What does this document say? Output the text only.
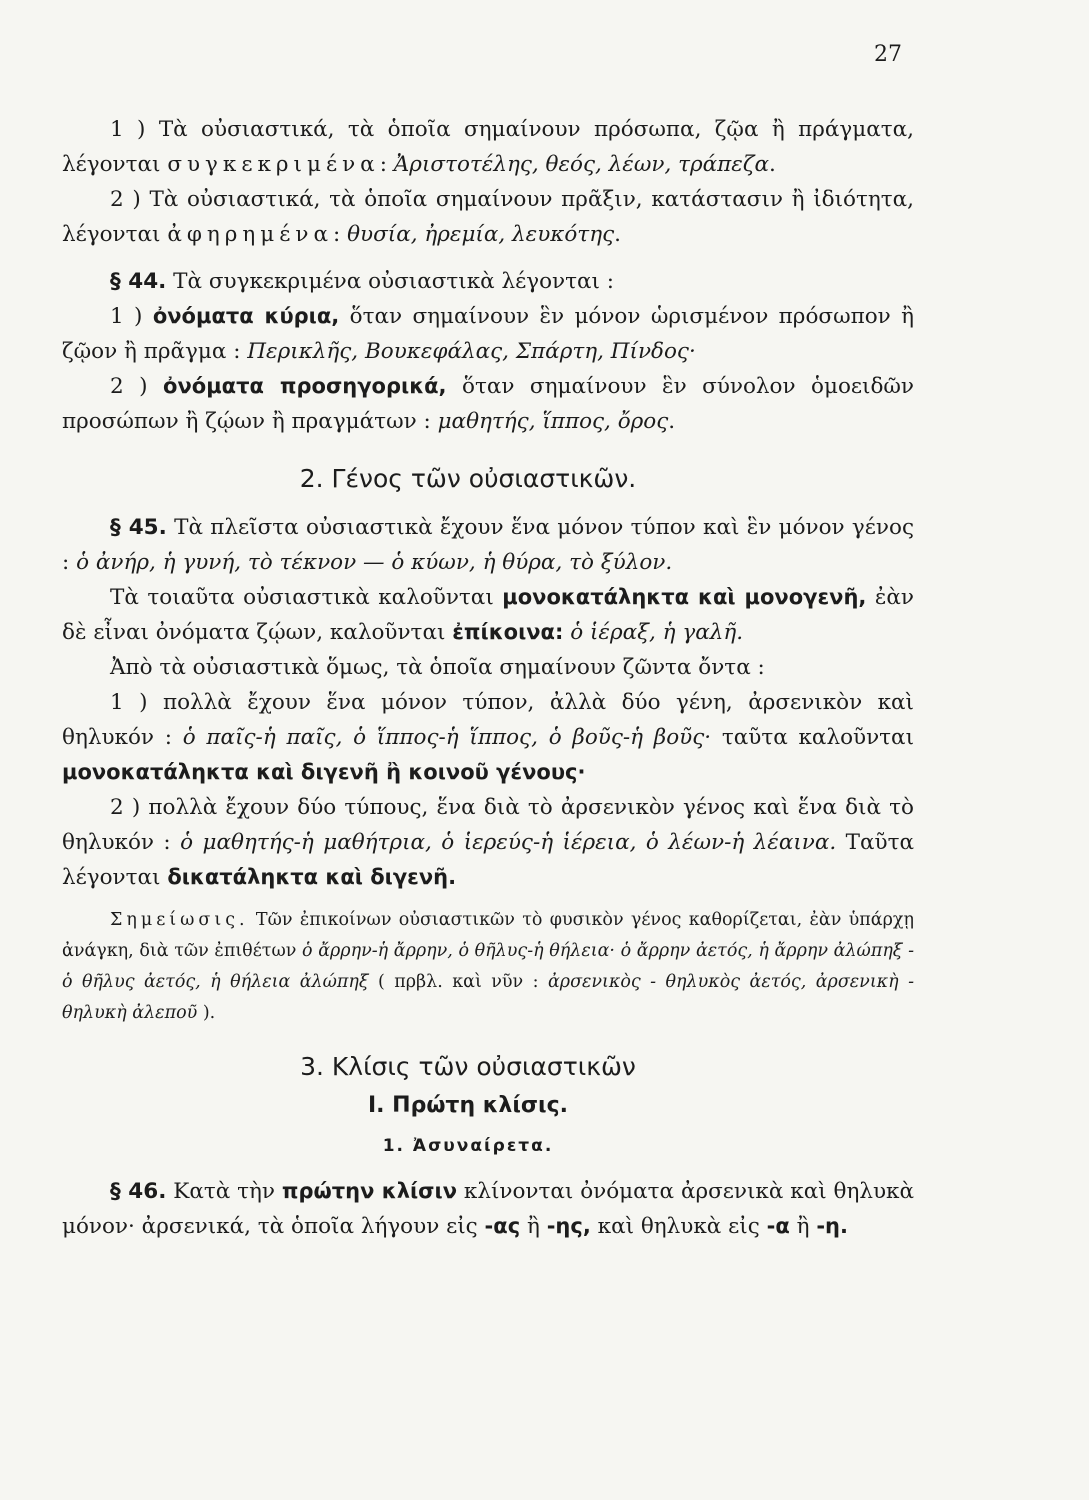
27

1 ) Τὰ οὐσιαστικά, τὰ ὁποῖα σημαίνουν πρόσωπα, ζῷα ἢ πράγματα, λέγονται συγκεκριμένα: Ἀριστοτέλης, θεός, λέων, τράπεζα.

2 ) Τὰ οὐσιαστικά, τὰ ὁποῖα σημαίνουν πρᾶξιν, κατάστασιν ἢ ἰδιότητα, λέγονται ἀφηρημένα: θυσία, ἠρεμία, λευκότης.

§ 44. Τὰ συγκεκριμένα οὐσιαστικὰ λέγονται :

1 ) ὀνόματα κύρια, ὅταν σημαίνουν ἓν μόνον ὡρισμένον πρόσωπον ἢ ζῷον ἢ πρᾶγμα : Περικλῆς, Βουκεφάλας, Σπάρτη, Πίνδος·

2 ) ὀνόματα προσηγορικά, ὅταν σημαίνουν ἓν σύνολον ὁμοειδῶν προσώπων ἢ ζῴων ἢ πραγμάτων : μαθητής, ἵππος, ὄρος.

2. Γένος τῶν οὐσιαστικῶν.

§ 45. Τὰ πλεῖστα οὐσιαστικὰ ἔχουν ἕνα μόνον τύπον καὶ ἓν μόνον γένος : ὁ ἀνήρ, ἡ γυνή, τὸ τέκνον — ὁ κύων, ἡ θύρα, τὸ ξύλον.

Τὰ τοιαῦτα οὐσιαστικὰ καλοῦνται μονοκατάληκτα καὶ μονογενῆ, ἐὰν δὲ εἶναι ὀνόματα ζῴων, καλοῦνται ἐπίκοινα: ὁ ἱέραξ, ἡ γαλῆ.

Ἀπὸ τὰ οὐσιαστικὰ ὅμως, τὰ ὁποῖα σημαίνουν ζῶντα ὄντα :

1 ) πολλὰ ἔχουν ἕνα μόνον τύπον, ἀλλὰ δύο γένη, ἀρσενικὸν καὶ θηλυκόν : ὁ παῖς-ἡ παῖς, ὁ ἵππος-ἡ ἵππος, ὁ βοῦς-ἡ βοῦς· ταῦτα καλοῦνται μονοκατάληκτα καὶ διγενῆ ἢ κοινοῦ γένους·

2 ) πολλὰ ἔχουν δύο τύπους, ἕνα διὰ τὸ ἀρσενικὸν γένος καὶ ἕνα διὰ τὸ θηλυκόν : ὁ μαθητής-ἡ μαθήτρια, ὁ ἱερεύς-ἡ ἱέρεια, ὁ λέων-ἡ λέαινα. Ταῦτα λέγονται δικατάληκτα καὶ διγενῆ.

Σημείωσις. Τῶν ἐπικοίνων οὐσιαστικῶν τὸ φυσικὸν γένος καθορίζεται, ἐὰν ὑπάρχῃ ἀνάγκη, διὰ τῶν ἐπιθέτων ὁ ἄρρην-ἡ ἄρρην, ὁ θῆλυς-ἡ θήλεια· ὁ ἄρρην ἀετός, ἡ ἄρρην ἀλώπηξ - ὁ θῆλυς ἀετός, ἡ θήλεια ἀλώπηξ ( πρβλ. καὶ νῦν : ἀρσενικὸς - θηλυκὸς ἀετός, ἀρσενικὴ - θηλυκὴ ἀλεποῦ ).

3. Κλίσις τῶν οὐσιαστικῶν
I. Πρώτη κλίσις.
1. Ἀσυναίρετα.

§ 46. Κατὰ τὴν πρώτην κλίσιν κλίνονται ὀνόματα ἀρσενικὰ καὶ θηλυκὰ μόνον· ἀρσενικά, τὰ ὁποῖα λήγουν εἰς -ας ἢ -ης, καὶ θηλυκὰ εἰς -α ἢ -η.
